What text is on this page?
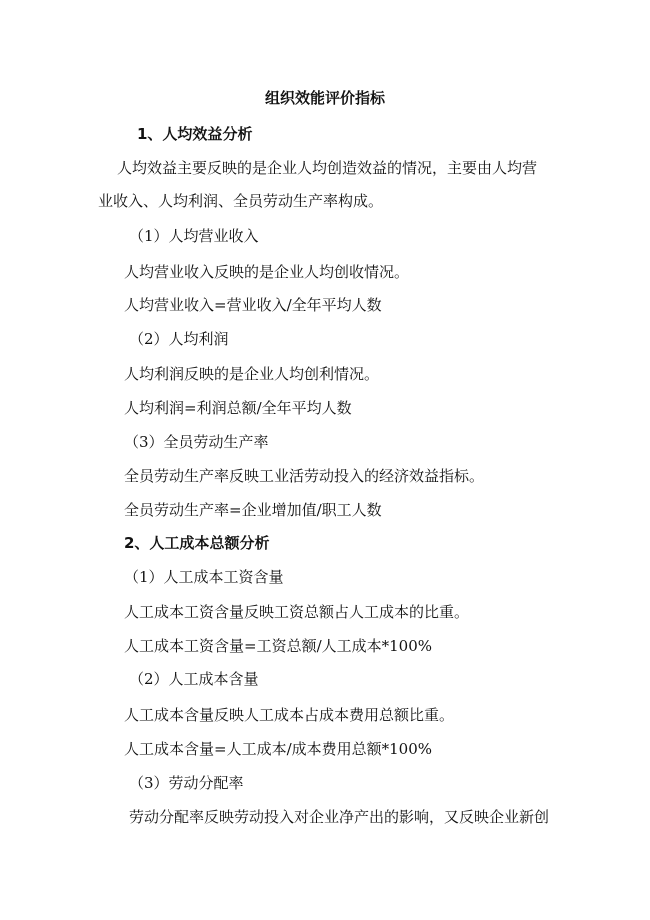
组织效能评价指标
1、人均效益分析
人均效益主要反映的是企业人均创造效益的情况，主要由人均营
业收入、人均利润、全员劳动生产率构成。
（1）人均营业收入
人均营业收入反映的是企业人均创收情况。
人均营业收入=营业收入/全年平均人数
（2）人均利润
人均利润反映的是企业人均创利情况。
人均利润=利润总额/全年平均人数
（3）全员劳动生产率
全员劳动生产率反映工业活劳动投入的经济效益指标。
全员劳动生产率=企业增加值/职工人数
2、人工成本总额分析
（1）人工成本工资含量
人工成本工资含量反映工资总额占人工成本的比重。
人工成本工资含量=工资总额/人工成本*100%
（2）人工成本含量
人工成本含量反映人工成本占成本费用总额比重。
人工成本含量=人工成本/成本费用总额*100%
（3）劳动分配率
劳动分配率反映劳动投入对企业净产出的影响，又反映企业新创
